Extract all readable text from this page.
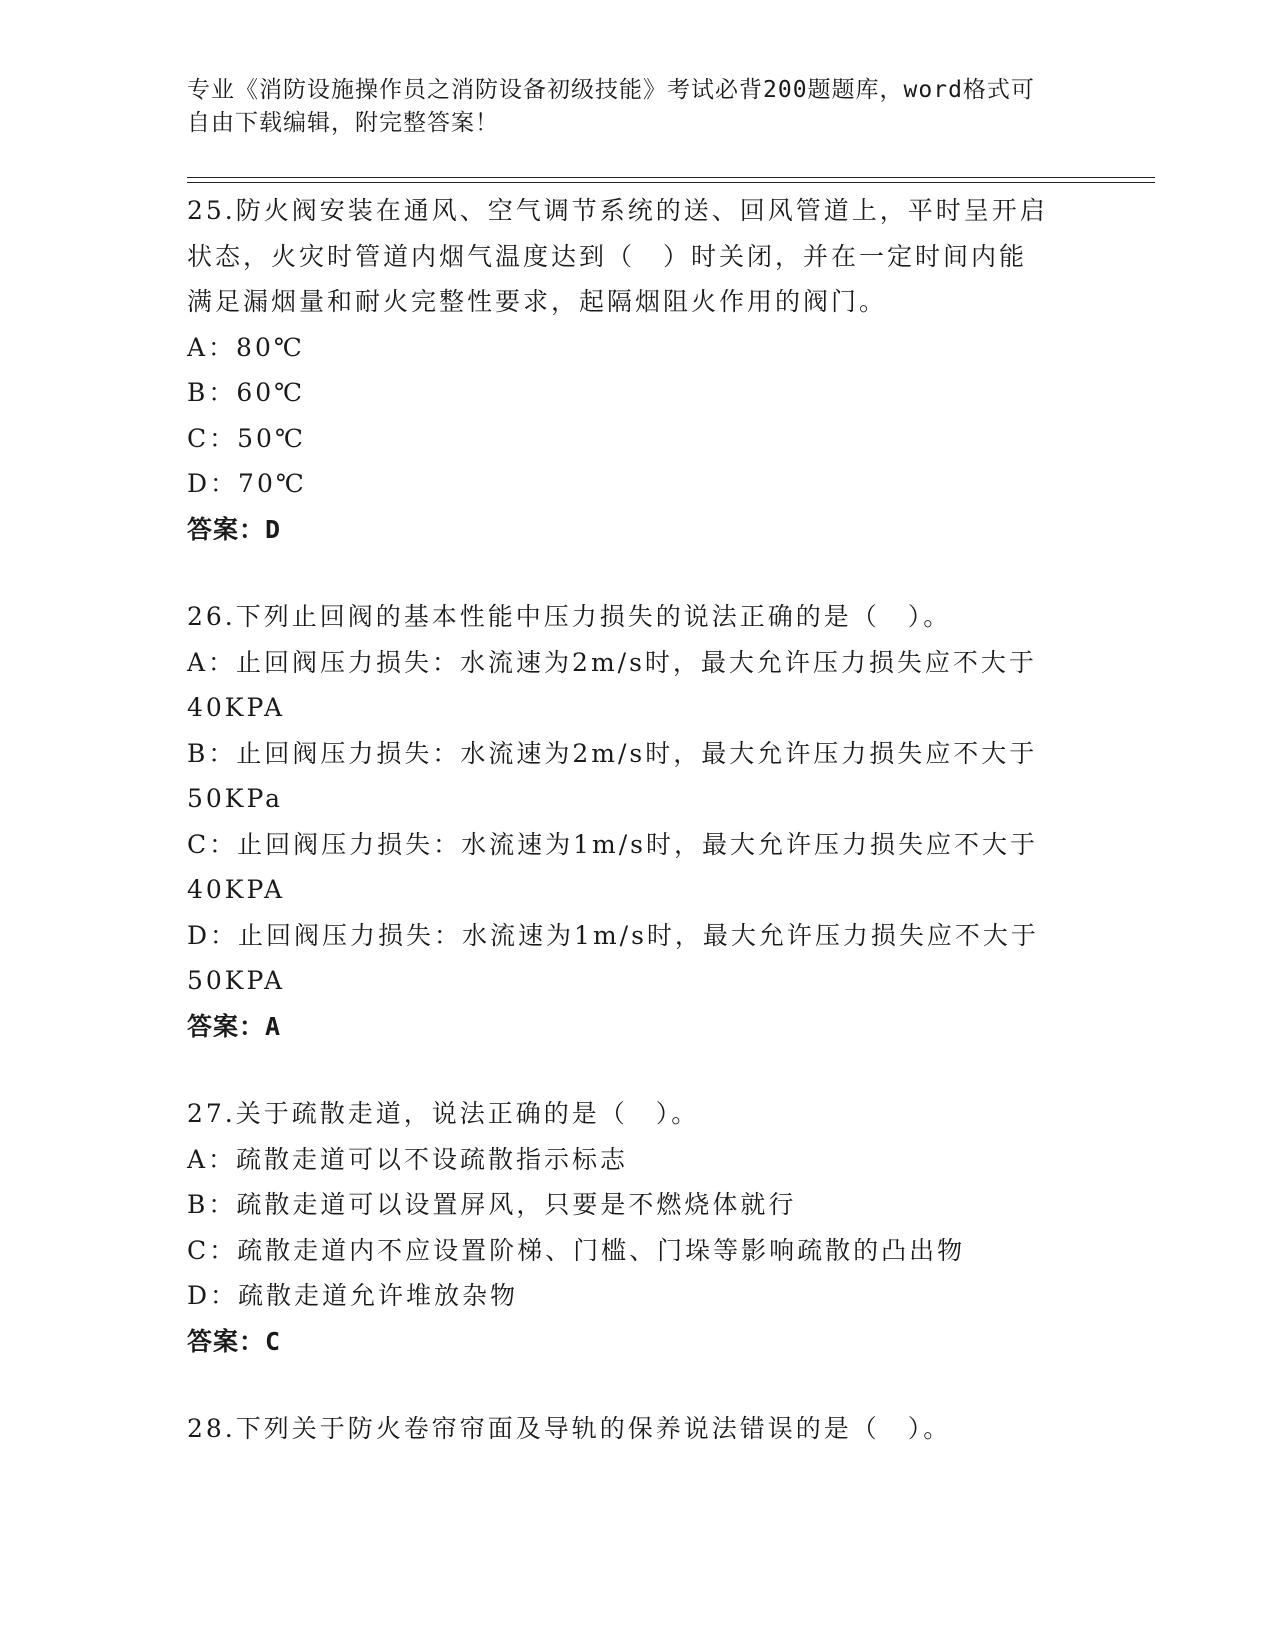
专业《消防设施操作员之消防设备初级技能》考试必背200题题库，word格式可

自由下载编辑，附完整答案！

25.防火阀安装在通风、空气调节系统的送、回风管道上，平时呈开启
状态，火灾时管道内烟气温度达到（　）时关闭，并在一定时间内能
满足漏烟量和耐火完整性要求，起隔烟阻火作用的阀门。
A：80℃
B：60℃
C：50℃
D：70℃
答案：D
26.下列止回阀的基本性能中压力损失的说法正确的是（　）。
A：止回阀压力损失：水流速为2m/s时，最大允许压力损失应不大于
40KPA
B：止回阀压力损失：水流速为2m/s时，最大允许压力损失应不大于
50KPa
C：止回阀压力损失：水流速为1m/s时，最大允许压力损失应不大于
40KPA
D：止回阀压力损失：水流速为1m/s时，最大允许压力损失应不大于
50KPA
答案：A
27.关于疏散走道，说法正确的是（　）。
A：疏散走道可以不设疏散指示标志
B：疏散走道可以设置屏风，只要是不燃烧体就行
C：疏散走道内不应设置阶梯、门槛、门垛等影响疏散的凸出物
D：疏散走道允许堆放杂物
答案：C
28.下列关于防火卷帘帘面及导轨的保养说法错误的是（　）。
